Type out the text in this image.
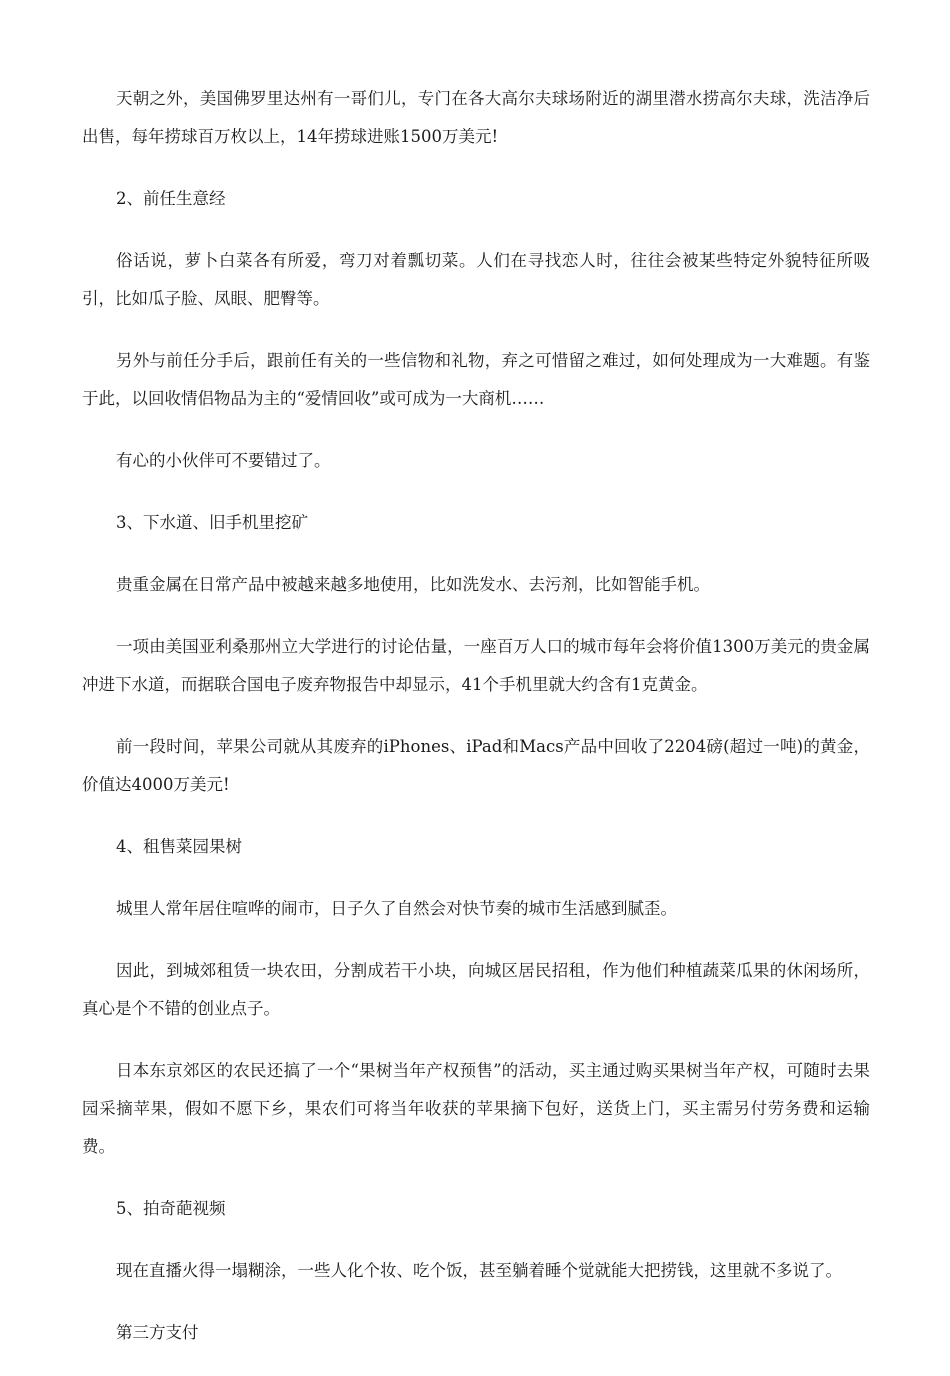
天朝之外，美国佛罗里达州有一哥们儿，专门在各大高尔夫球场附近的湖里潜水捞高尔夫球，洗洁净后出售，每年捞球百万枚以上，14年捞球进账1500万美元!

2、前任生意经

俗话说，萝卜白菜各有所爱，弯刀对着瓢切菜。人们在寻找恋人时，往往会被某些特定外貌特征所吸引，比如瓜子脸、凤眼、肥臀等。

另外与前任分手后，跟前任有关的一些信物和礼物，弃之可惜留之难过，如何处理成为一大难题。有鉴于此，以回收情侣物品为主的“爱情回收”或可成为一大商机……

有心的小伙伴可不要错过了。

3、下水道、旧手机里挖矿

贵重金属在日常产品中被越来越多地使用，比如洗发水、去污剂，比如智能手机。

一项由美国亚利桑那州立大学进行的讨论估量，一座百万人口的城市每年会将价值1300万美元的贵金属冲进下水道，而据联合国电子废弃物报告中却显示，41个手机里就大约含有1克黄金。

前一段时间，苹果公司就从其废弃的iPhones、iPad和Macs产品中回收了2204磅(超过一吨)的黄金，价值达4000万美元!

4、租售菜园果树

城里人常年居住喧哗的闹市，日子久了自然会对快节奏的城市生活感到腻歪。

因此，到城郊租赁一块农田，分割成若干小块，向城区居民招租，作为他们种植蔬菜瓜果的休闲场所，真心是个不错的创业点子。

日本东京郊区的农民还搞了一个“果树当年产权预售”的活动，买主通过购买果树当年产权，可随时去果园采摘苹果，假如不愿下乡，果农们可将当年收获的苹果摘下包好，送货上门，买主需另付劳务费和运输费。

5、拍奇葩视频

现在直播火得一塌糊涂，一些人化个妆、吃个饭，甚至躺着睡个觉就能大把捞钱，这里就不多说了。

第三方支付
